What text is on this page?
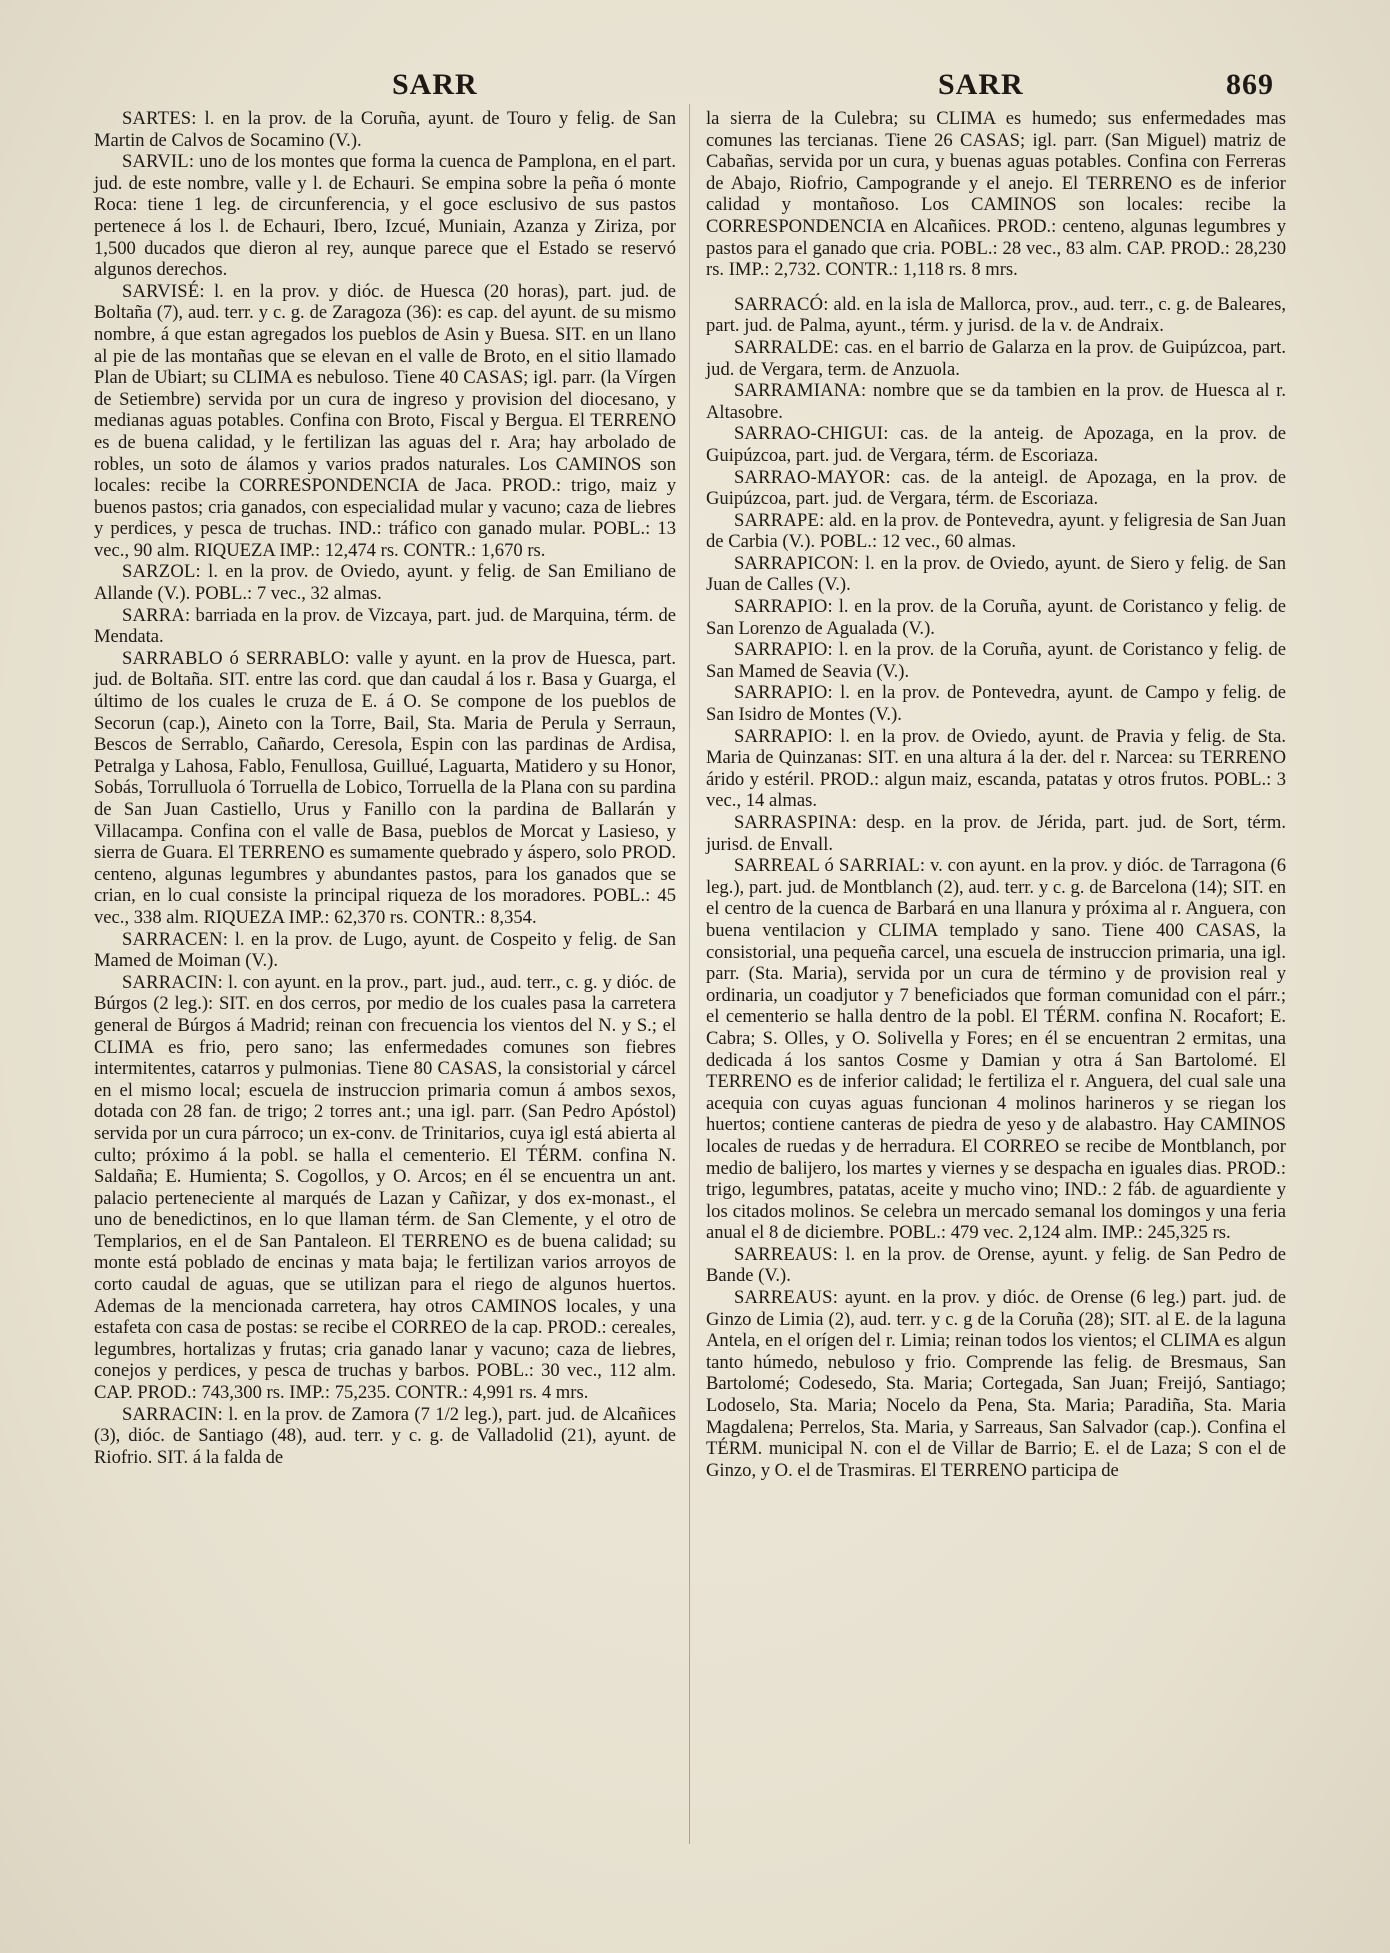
SARR	SARR	869

SARTES: l. en la prov. de la Coruña, ayunt. de Touro y felig. de San Martin de Calvos de Socamino (V.).

SARVIL: uno de los montes que forma la cuenca de Pamplona, en el part. jud. de este nombre, valle y l. de Echauri. Se empina sobre la peña ó monte Roca: tiene 1 leg. de circunferencia, y el goce esclusivo de sus pastos pertenece á los l. de Echauri, Ibero, Izcué, Muniain, Azanza y Ziriza, por 1,500 ducados que dieron al rey, aunque parece que el Estado se reservó algunos derechos.

SARVISÉ: l. en la prov. y dióc. de Huesca (20 horas), part. jud. de Boltaña (7), aud. terr. y c. g. de Zaragoza (36): es cap. del ayunt. de su mismo nombre, á que estan agregados los pueblos de Asin y Buesa. SIT. en un llano al pie de las montañas que se elevan en el valle de Broto, en el sitio llamado Plan de Ubiart; su CLIMA es nebuloso. Tiene 40 CASAS; igl. parr. (la Vírgen de Setiembre) servida por un cura de ingreso y provision del diocesano, y medianas aguas potables. Confina con Broto, Fiscal y Bergua. El TERRENO es de buena calidad, y le fertilizan las aguas del r. Ara; hay arbolado de robles, un soto de álamos y varios prados naturales. Los CAMINOS son locales: recibe la CORRESPONDENCIA de Jaca. PROD.: trigo, maiz y buenos pastos; cria ganados, con especialidad mular y vacuno; caza de liebres y perdices, y pesca de truchas. IND.: tráfico con ganado mular. POBL.: 13 vec., 90 alm. RIQUEZA IMP.: 12,474 rs. CONTR.: 1,670 rs.

SARZOL: l. en la prov. de Oviedo, ayunt. y felig. de San Emiliano de Allande (V.). POBL.: 7 vec., 32 almas.

SARRA: barriada en la prov. de Vizcaya, part. jud. de Marquina, térm. de Mendata.

SARRABLO ó SERRABLO: valle y ayunt. en la prov de Huesca, part. jud. de Boltaña. SIT. entre las cord. que dan caudal á los r. Basa y Guarga, el último de los cuales le cruza de E. á O. Se compone de los pueblos de Secorun (cap.), Aineto con la Torre, Bail, Sta. Maria de Perula y Serraun, Bescos de Serrablo, Cañardo, Ceresola, Espin con las pardinas de Ardisa, Petralga y Lahosa, Fablo, Fenullosa, Guillué, Laguarta, Matidero y su Honor, Sobás, Torrulluola ó Torruella de Lobico, Torruella de la Plana con su pardina de San Juan Castiello, Urus y Fanillo con la pardina de Ballarán y Villacampa. Confina con el valle de Basa, pueblos de Morcat y Lasieso, y sierra de Guara. El TERRENO es sumamente quebrado y áspero, solo PROD. centeno, algunas legumbres y abundantes pastos, para los ganados que se crian, en lo cual consiste la principal riqueza de los moradores. POBL.: 45 vec., 338 alm. RIQUEZA IMP.: 62,370 rs. CONTR.: 8,354.

SARRACEN: l. en la prov. de Lugo, ayunt. de Cospeito y felig. de San Mamed de Moiman (V.).

SARRACIN: l. con ayunt. en la prov., part. jud., aud. terr., c. g. y dióc. de Búrgos (2 leg.): SIT. en dos cerros, por medio de los cuales pasa la carretera general de Búrgos á Madrid; reinan con frecuencia los vientos del N. y S.; el CLIMA es frio, pero sano; las enfermedades comunes son fiebres intermitentes, catarros y pulmonias. Tiene 80 CASAS, la consistorial y cárcel en el mismo local; escuela de instruccion primaria comun á ambos sexos, dotada con 28 fan. de trigo; 2 torres ant.; una igl. parr. (San Pedro Apóstol) servida por un cura párroco; un ex-conv. de Trinitarios, cuya igl está abierta al culto; próximo á la pobl. se halla el cementerio. El TÉRM. confina N. Saldaña; E. Humienta; S. Cogollos, y O. Arcos; en él se encuentra un ant. palacio perteneciente al marqués de Lazan y Cañizar, y dos ex-monast., el uno de benedictinos, en lo que llaman térm. de San Clemente, y el otro de Templarios, en el de San Pantaleon. El TERRENO es de buena calidad; su monte está poblado de encinas y mata baja; le fertilizan varios arroyos de corto caudal de aguas, que se utilizan para el riego de algunos huertos. Ademas de la mencionada carretera, hay otros CAMINOS locales, y una estafeta con casa de postas: se recibe el CORREO de la cap. PROD.: cereales, legumbres, hortalizas y frutas; cria ganado lanar y vacuno; caza de liebres, conejos y perdices, y pesca de truchas y barbos. POBL.: 30 vec., 112 alm. CAP. PROD.: 743,300 rs. IMP.: 75,235. CONTR.: 4,991 rs. 4 mrs.

SARRACIN: l. en la prov. de Zamora (7 1/2 leg.), part. jud. de Alcañices (3), dióc. de Santiago (48), aud. terr. y c. g. de Valladolid (21), ayunt. de Riofrio. SIT. á la falda de

la sierra de la Culebra; su CLIMA es humedo; sus enfermedades mas comunes las tercianas. Tiene 26 CASAS; igl. parr. (San Miguel) matriz de Cabañas, servida por un cura, y buenas aguas potables. Confina con Ferreras de Abajo, Riofrio, Campogrande y el anejo. El TERRENO es de inferior calidad y montañoso. Los CAMINOS son locales: recibe la CORRESPONDENCIA en Alcañices. PROD.: centeno, algunas legumbres y pastos para el ganado que cria. POBL.: 28 vec., 83 alm. CAP. PROD.: 28,230 rs. IMP.: 2,732. CONTR.: 1,118 rs. 8 mrs.

SARRACÓ: ald. en la isla de Mallorca, prov., aud. terr., c. g. de Baleares, part. jud. de Palma, ayunt., térm. y jurisd. de la v. de Andraix.

SARRALDE: cas. en el barrio de Galarza en la prov. de Guipúzcoa, part. jud. de Vergara, term. de Anzuola.

SARRAMIANA: nombre que se da tambien en la prov. de Huesca al r. Altasobre.

SARRAO-CHIGUI: cas. de la anteig. de Apozaga, en la prov. de Guipúzcoa, part. jud. de Vergara, térm. de Escoriaza.

SARRAO-MAYOR: cas. de la anteigl. de Apozaga, en la prov. de Guipúzcoa, part. jud. de Vergara, térm. de Escoriaza.

SARRAPE: ald. en la prov. de Pontevedra, ayunt. y feligresia de San Juan de Carbia (V.). POBL.: 12 vec., 60 almas.

SARRAPICON: l. en la prov. de Oviedo, ayunt. de Siero y felig. de San Juan de Calles (V.).

SARRAPIO: l. en la prov. de la Coruña, ayunt. de Coristanco y felig. de San Lorenzo de Agualada (V.).

SARRAPIO: l. en la prov. de la Coruña, ayunt. de Coristanco y felig. de San Mamed de Seavia (V.).

SARRAPIO: l. en la prov. de Pontevedra, ayunt. de Campo y felig. de San Isidro de Montes (V.).

SARRAPIO: l. en la prov. de Oviedo, ayunt. de Pravia y felig. de Sta. Maria de Quinzanas: SIT. en una altura á la der. del r. Narcea: su TERRENO árido y estéril. PROD.: algun maiz, escanda, patatas y otros frutos. POBL.: 3 vec., 14 almas.

SARRASPINA: desp. en la prov. de Jérida, part. jud. de Sort, térm. jurisd. de Envall.

SARREAL ó SARRIAL: v. con ayunt. en la prov. y dióc. de Tarragona (6 leg.), part. jud. de Montblanch (2), aud. terr. y c. g. de Barcelona (14); SIT. en el centro de la cuenca de Barbará en una llanura y próxima al r. Anguera, con buena ventilacion y CLIMA templado y sano. Tiene 400 CASAS, la consistorial, una pequeña carcel, una escuela de instruccion primaria, una igl. parr. (Sta. Maria), servida por un cura de término y de provision real y ordinaria, un coadjutor y 7 beneficiados que forman comunidad con el párr.; el cementerio se halla dentro de la pobl. El TÉRM. confina N. Rocafort; E. Cabra; S. Olles, y O. Solivella y Fores; en él se encuentran 2 ermitas, una dedicada á los santos Cosme y Damian y otra á San Bartolomé. El TERRENO es de inferior calidad; le fertiliza el r. Anguera, del cual sale una acequia con cuyas aguas funcionan 4 molinos harineros y se riegan los huertos; contiene canteras de piedra de yeso y de alabastro. Hay CAMINOS locales de ruedas y de herradura. El CORREO se recibe de Montblanch, por medio de balijero, los martes y viernes y se despacha en iguales dias. PROD.: trigo, legumbres, patatas, aceite y mucho vino; IND.: 2 fáb. de aguardiente y los citados molinos. Se celebra un mercado semanal los domingos y una feria anual el 8 de diciembre. POBL.: 479 vec. 2,124 alm. IMP.: 245,325 rs.

SARREAUS: l. en la prov. de Orense, ayunt. y felig. de San Pedro de Bande (V.).

SARREAUS: ayunt. en la prov. y dióc. de Orense (6 leg.) part. jud. de Ginzo de Limia (2), aud. terr. y c. g de la Coruña (28); SIT. al E. de la laguna Antela, en el orígen del r. Limia; reinan todos los vientos; el CLIMA es algun tanto húmedo, nebuloso y frio. Comprende las felig. de Bresmaus, San Bartolomé; Codesedo, Sta. Maria; Cortegada, San Juan; Freijó, Santiago; Lodoselo, Sta. Maria; Nocelo da Pena, Sta. Maria; Paradiña, Sta. Maria Magdalena; Perrelos, Sta. Maria, y Sarreaus, San Salvador (cap.). Confina el TÉRM. municipal N. con el de Villar de Barrio; E. el de Laza; S con el de Ginzo, y O. el de Trasmiras. El TERRENO participa de
